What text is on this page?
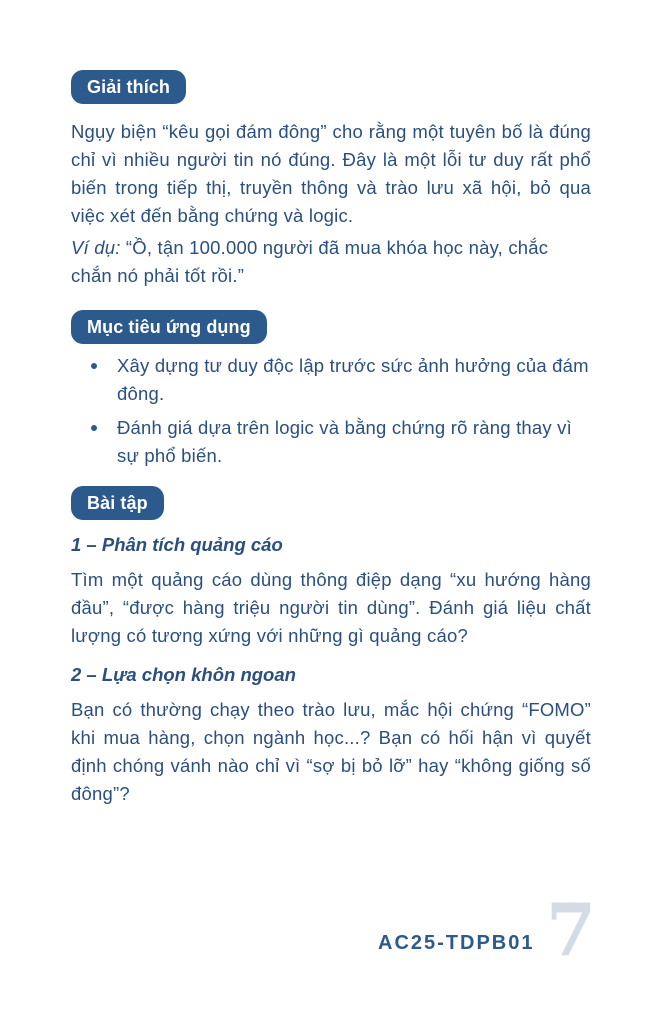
Giải thích

Ngụy biện “kêu gọi đám đông” cho rằng một tuyên bố là đúng chỉ vì nhiều người tin nó đúng. Đây là một lỗi tư duy rất phổ biến trong tiếp thị, truyền thông và trào lưu xã hội, bỏ qua việc xét đến bằng chứng và logic.

Ví dụ: “Ồ, tận 100.000 người đã mua khóa học này, chắc chắn nó phải tốt rồi.”

Mục tiêu ứng dụng
Xây dựng tư duy độc lập trước sức ảnh hưởng của đám đông.
Đánh giá dựa trên logic và bằng chứng rõ ràng thay vì sự phổ biến.
Bài tập
1 – Phân tích quảng cáo

Tìm một quảng cáo dùng thông điệp dạng “xu hướng hàng đầu”, “được hàng triệu người tin dùng”. Đánh giá liệu chất lượng có tương xứng với những gì quảng cáo?

2 – Lựa chọn khôn ngoan

Bạn có thường chạy theo trào lưu, mắc hội chứng “FOMO” khi mua hàng, chọn ngành học...? Bạn có hối hận vì quyết định chóng vánh nào chỉ vì “sợ bị bỏ lỡ” hay “không giống số đông”?

AC25-TDPB01 7
